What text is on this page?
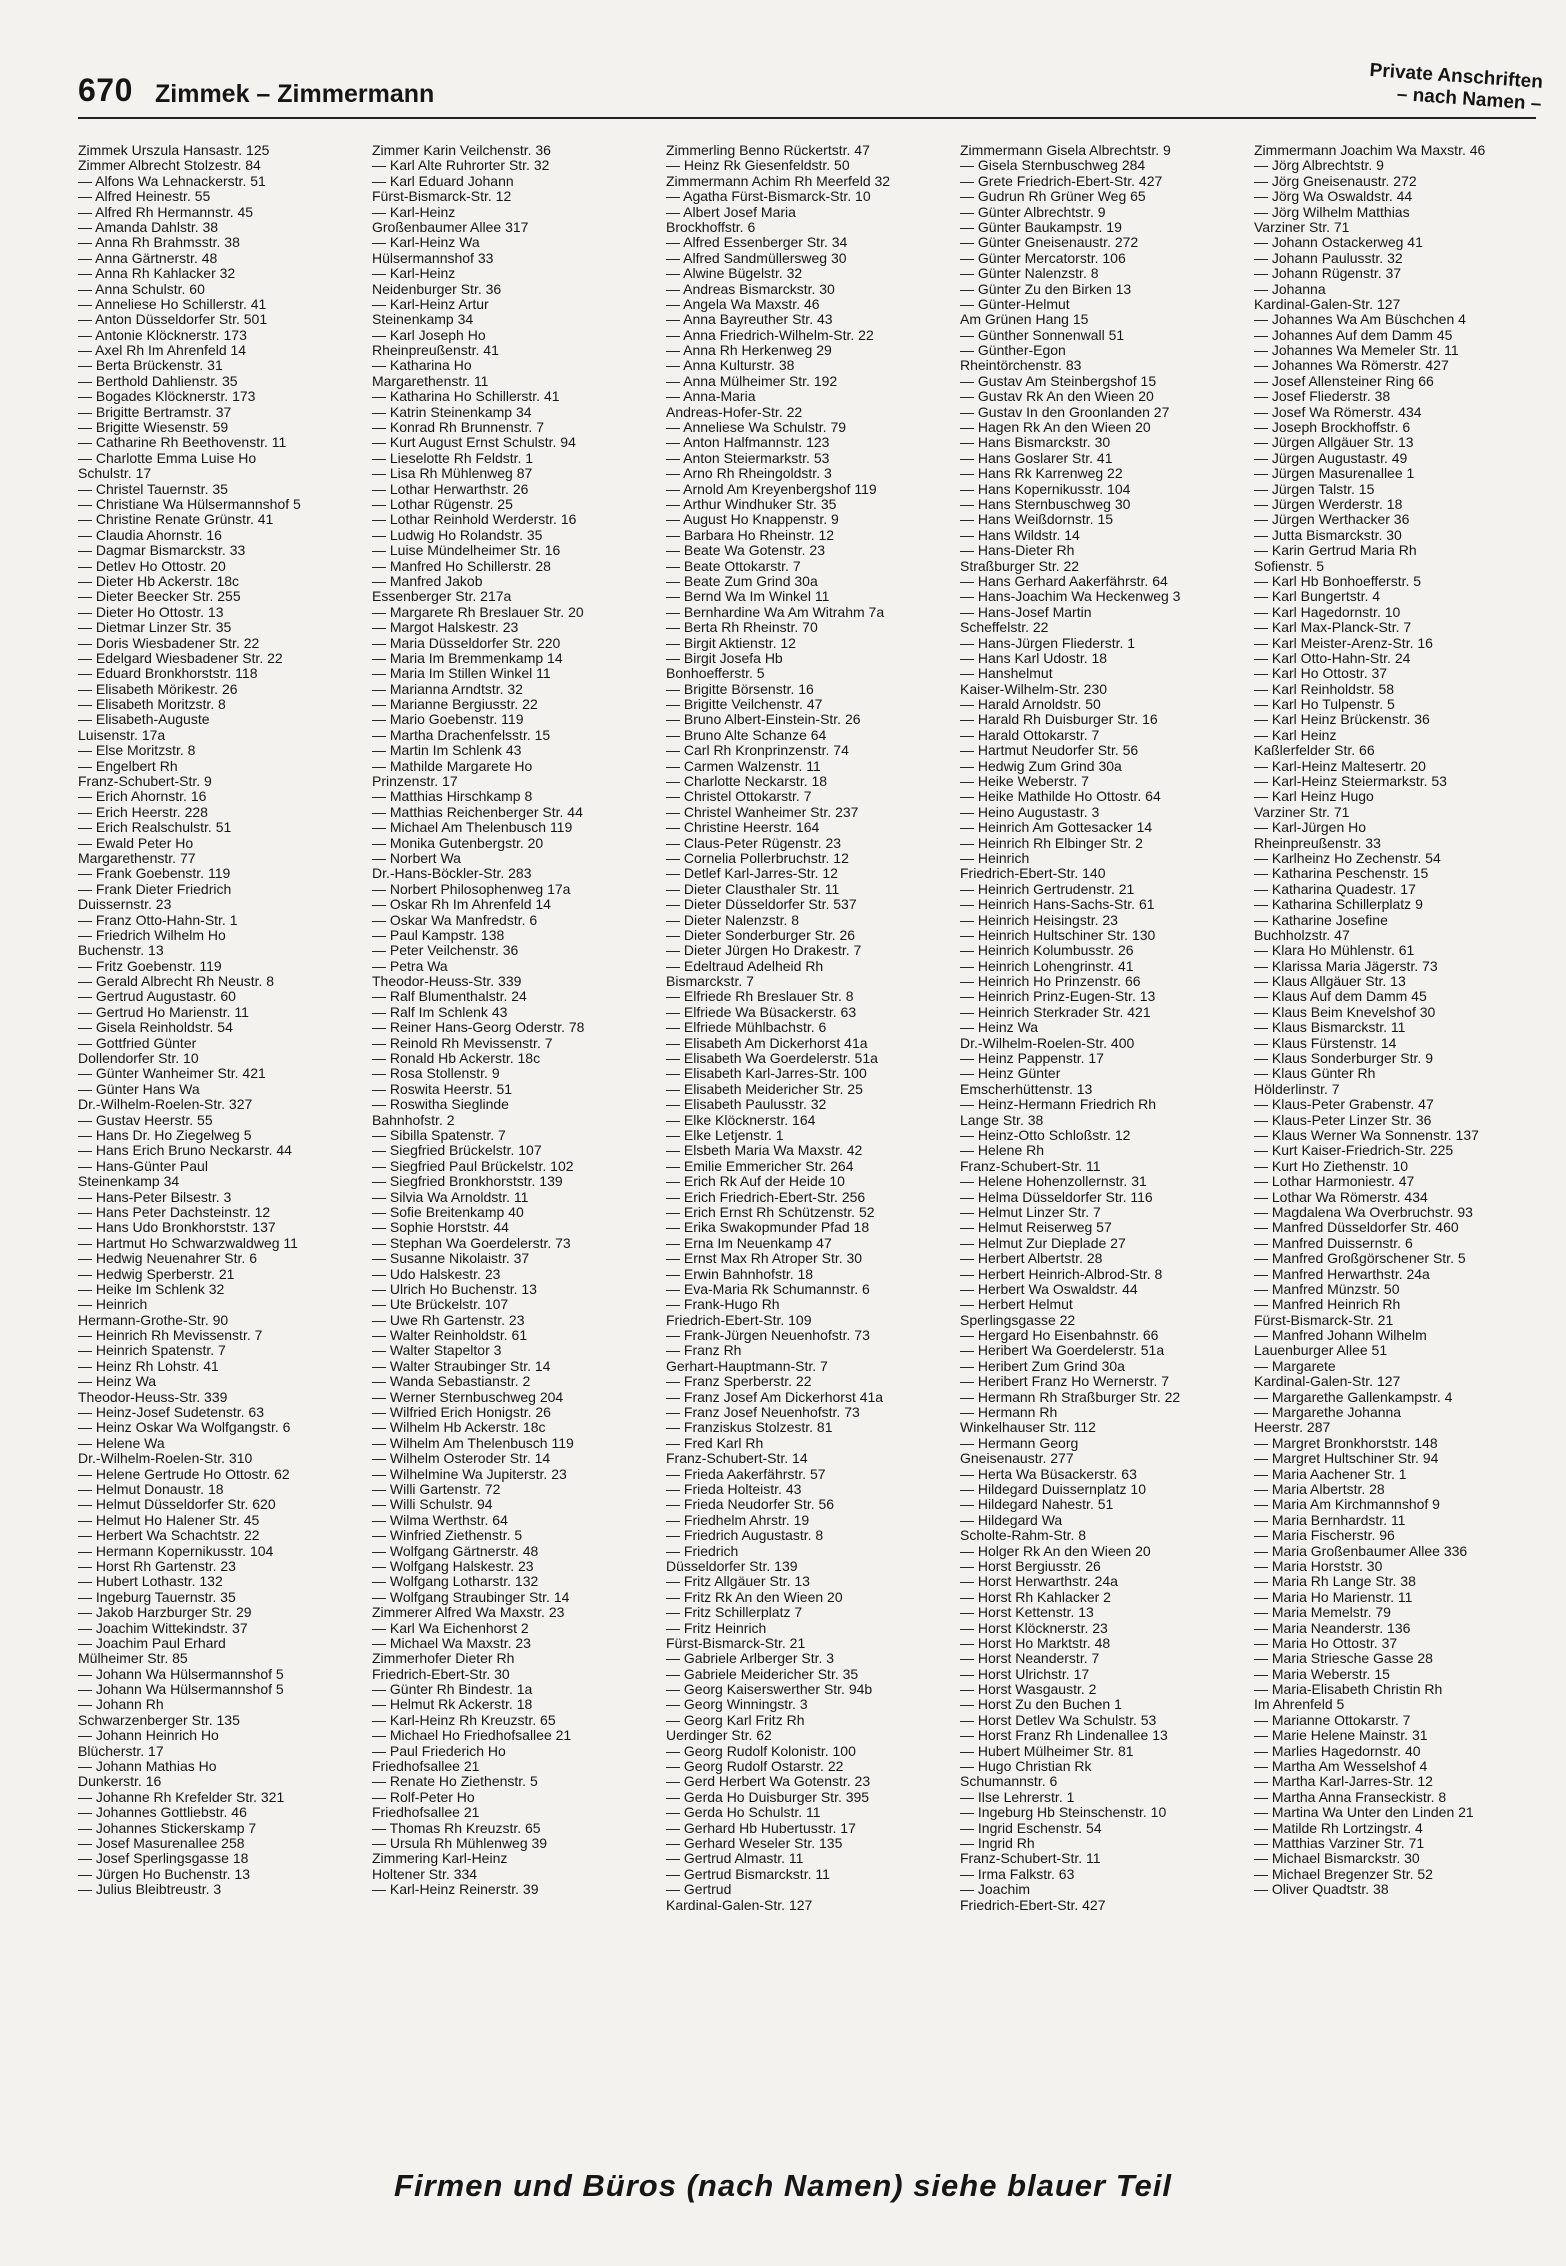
670 Zimmek – Zimmermann
Private Anschriften
– nach Namen –
Zimmek Urszula Hansastr. 125
Zimmer Albrecht Stolzestr. 84
— Alfons Wa Lehnackerstr. 51
— Alfred Heinestr. 55
— Alfred Rh Hermannstr. 45
— Amanda Dahlstr. 38
— Anna Rh Brahmsstr. 38
— Anna Gärtnerstr. 48
— Anna Rh Kahlacker 32
— Anna Schulstr. 60
— Anneliese Ho Schillerstr. 41
— Anton Düsseldorfer Str. 501
— Antonie Klöcknerstr. 173
— Axel Rh Im Ahrenfeld 14
— Berta Brückenstr. 31
— Berthold Dahlienstr. 35
— Bogades Klöcknerstr. 173
— Brigitte Bertramstr. 37
— Brigitte Wiesenstr. 59
— Catharine Rh Beethovenstr. 11
— Charlotte Emma Luise Ho
Schulstr. 17
— Christel Tauernstr. 35
— Christiane Wa Hülsermannshof 5
— Christine Renate Grünstr. 41
— Claudia Ahornstr. 16
— Dagmar Bismarckstr. 33
— Detlev Ho Ottostr. 20
— Dieter Hb Ackerstr. 18c
— Dieter Beecker Str. 255
— Dieter Ho Ottostr. 13
— Dietmar Linzer Str. 35
— Doris Wiesbadener Str. 22
— Edelgard Wiesbadener Str. 22
— Eduard Bronkhorststr. 118
— Elisabeth Mörikestr. 26
— Elisabeth Moritzstr. 8
— Elisabeth-Auguste
Luisenstr. 17a
— Else Moritzstr. 8
— Engelbert Rh
Franz-Schubert-Str. 9
— Erich Ahornstr. 16
— Erich Heerstr. 228
— Erich Realschulstr. 51
— Ewald Peter Ho
Margarethenstr. 77
— Frank Goebenstr. 119
— Frank Dieter Friedrich
Duissernstr. 23
— Franz Otto-Hahn-Str. 1
— Friedrich Wilhelm Ho
Buchenstr. 13
— Fritz Goebenstr. 119
— Gerald Albrecht Rh Neustr. 8
— Gertrud Augustastr. 60
— Gertrud Ho Marienstr. 11
— Gisela Reinholdstr. 54
— Gottfried Günter
Dollendorfer Str. 10
— Günter Wanheimer Str. 421
— Günter Hans Wa
Dr.-Wilhelm-Roelen-Str. 327
— Gustav Heerstr. 55
— Hans Dr. Ho Ziegelweg 5
— Hans Erich Bruno Neckarstr. 44
— Hans-Günter Paul
Steinenkamp 34
— Hans-Peter Bilsestr. 3
— Hans Peter Dachsteinstr. 12
— Hans Udo Bronkhorststr. 137
— Hartmut Ho Schwarzwaldweg 11
— Hedwig Neuenahrer Str. 6
— Hedwig Sperberstr. 21
— Heike Im Schlenk 32
— Heinrich
Hermann-Grothe-Str. 90
— Heinrich Rh Mevissenstr. 7
— Heinrich Spatenstr. 7
— Heinz Rh Lohstr. 41
— Heinz Wa
Theodor-Heuss-Str. 339
— Heinz-Josef Sudetenstr. 63
— Heinz Oskar Wa Wolfgangstr. 6
— Helene Wa
Dr.-Wilhelm-Roelen-Str. 310
— Helene Gertrude Ho Ottostr. 62
— Helmut Donaustr. 18
— Helmut Düsseldorfer Str. 620
— Helmut Ho Halener Str. 45
— Herbert Wa Schachtstr. 22
— Hermann Kopernikusstr. 104
— Horst Rh Gartenstr. 23
— Hubert Lothastr. 132
— Ingeburg Tauernstr. 35
— Jakob Harzburger Str. 29
— Joachim Wittekindstr. 37
— Joachim Paul Erhard
Mülheimer Str. 85
— Johann Wa Hülsermannshof 5
— Johann Wa Hülsermannshof 5
— Johann Rh
Schwarzenberger Str. 135
— Johann Heinrich Ho
Blücherstr. 17
— Johann Mathias Ho
Dunkerstr. 16
— Johanne Rh Krefelder Str. 321
— Johannes Gottliebstr. 46
— Johannes Stickerskamp 7
— Josef Masurenallee 258
— Josef Sperlingsgasse 18
— Jürgen Ho Buchenstr. 13
— Julius Bleibtreustr. 3
Zimmer Karin Veilchenstr. 36
— Karl Alte Ruhrorter Str. 32
— Karl Eduard Johann
Fürst-Bismarck-Str. 12
— Karl-Heinz
Großenbaumer Allee 317
— Karl-Heinz Wa
Hülsermannshof 33
— Karl-Heinz
Neidenburger Str. 36
— Karl-Heinz Artur
Steinenkamp 34
— Karl Joseph Ho
Rheinpreußenstr. 41
— Katharina Ho
Margarethenstr. 11
— Katharina Ho Schillerstr. 41
— Katrin Steinenkamp 34
— Konrad Rh Brunnenstr. 7
— Kurt August Ernst Schulstr. 94
— Lieselotte Rh Feldstr. 1
— Lisa Rh Mühlenweg 87
— Lothar Herwarthstr. 26
— Lothar Rügenstr. 25
— Lothar Reinhold Werderstr. 16
— Ludwig Ho Rolandstr. 35
— Luise Mündelheimer Str. 16
— Manfred Ho Schillerstr. 28
— Manfred Jakob
Essenberger Str. 217a
— Margarete Rh Breslauer Str. 20
— Margot Halskestr. 23
— Maria Düsseldorfer Str. 220
— Maria Im Bremmenkamp 14
— Maria Im Stillen Winkel 11
— Marianna Arndtstr. 32
— Marianne Bergiusstr. 22
— Mario Goebenstr. 119
— Martha Drachenfelsstr. 15
— Martin Im Schlenk 43
— Mathilde Margarete Ho
Prinzenstr. 17
— Matthias Hirschkamp 8
— Matthias Reichenberger Str. 44
— Michael Am Thelenbusch 119
— Monika Gutenbergstr. 20
— Norbert Wa
Dr.-Hans-Böckler-Str. 283
— Norbert Philosophenweg 17a
— Oskar Rh Im Ahrenfeld 14
— Oskar Wa Manfredstr. 6
— Paul Kampstr. 138
— Peter Veilchenstr. 36
— Petra Wa
Theodor-Heuss-Str. 339
— Ralf Blumenthalstr. 24
— Ralf Im Schlenk 43
— Reiner Hans-Georg Oderstr. 78
— Reinold Rh Mevissenstr. 7
— Ronald Hb Ackerstr. 18c
— Rosa Stollenstr. 9
— Roswita Heerstr. 51
— Roswitha Sieglinde
Bahnhofstr. 2
— Sibilla Spatenstr. 7
— Siegfried Brückelstr. 107
— Siegfried Paul Brückelstr. 102
— Siegfried Bronkhorststr. 139
— Silvia Wa Arnoldstr. 11
— Sofie Breitenkamp 40
— Sophie Horststr. 44
— Stephan Wa Goerdelerstr. 73
— Susanne Nikolaistr. 37
— Udo Halskestr. 23
— Ulrich Ho Buchenstr. 13
— Ute Brückelstr. 107
— Uwe Rh Gartenstr. 23
— Walter Reinholdstr. 61
— Walter Stapeltor 3
— Walter Straubinger Str. 14
— Wanda Sebastianstr. 2
— Werner Sternbuschweg 204
— Wilfried Erich Honigstr. 26
— Wilhelm Hb Ackerstr. 18c
— Wilhelm Am Thelenbusch 119
— Wilhelm Osteroder Str. 14
— Wilhelmine Wa Jupiterstr. 23
— Willi Gartenstr. 72
— Willi Schulstr. 94
— Wilma Werthstr. 64
— Winfried Ziethenstr. 5
— Wolfgang Gärtnerstr. 48
— Wolfgang Halskestr. 23
— Wolfgang Lotharstr. 132
— Wolfgang Straubinger Str. 14
Zimmerer Alfred Wa Maxstr. 23
— Karl Wa Eichenhorst 2
— Michael Wa Maxstr. 23
Zimmerhofer Dieter Rh
Friedrich-Ebert-Str. 30
— Günter Rh Bindestr. 1a
— Helmut Rk Ackerstr. 18
— Karl-Heinz Rh Kreuzstr. 65
— Michael Ho Friedhofsallee 21
— Paul Friederich Ho
Friedhofsallee 21
— Renate Ho Ziethenstr. 5
— Rolf-Peter Ho
Friedhofsallee 21
— Thomas Rh Kreuzstr. 65
— Ursula Rh Mühlenweg 39
Zimmering Karl-Heinz
Holtener Str. 334
— Karl-Heinz Reinerstr. 39
Zimmerling Benno Rückertstr. 47
— Heinz Rk Giesenfeldstr. 50
Zimmermann Achim Rh Meerfeld 32
— Agatha Fürst-Bismarck-Str. 10
— Albert Josef Maria
Brockhoffstr. 6
— Alfred Essenberger Str. 34
— Alfred Sandmüllersweg 30
— Alwine Bügelstr. 32
— Andreas Bismarckstr. 30
— Angela Wa Maxstr. 46
— Anna Bayreuther Str. 43
— Anna Friedrich-Wilhelm-Str. 22
— Anna Rh Herkenweg 29
— Anna Kulturstr. 38
— Anna Mülheimer Str. 192
— Anna-Maria
Andreas-Hofer-Str. 22
— Anneliese Wa Schulstr. 79
— Anton Halfmannstr. 123
— Anton Steiermarkstr. 53
— Arno Rh Rheingoldstr. 3
— Arnold Am Kreyenbergshof 119
— Arthur Windhuker Str. 35
— August Ho Knappenstr. 9
— Barbara Ho Rheinstr. 12
— Beate Wa Gotenstr. 23
— Beate Ottokarstr. 7
— Beate Zum Grind 30a
— Bernd Wa Im Winkel 11
— Bernhardine Wa Am Witrahm 7a
— Berta Rh Rheinstr. 70
— Birgit Aktienstr. 12
— Birgit Josefa Hb
Bonhoefferstr. 5
— Brigitte Börsenstr. 16
— Brigitte Veilchenstr. 47
— Bruno Albert-Einstein-Str. 26
— Bruno Alte Schanze 64
— Carl Rh Kronprinzenstr. 74
— Carmen Walzenstr. 11
— Charlotte Neckarstr. 18
— Christel Ottokarstr. 7
— Christel Wanheimer Str. 237
— Christine Heerstr. 164
— Claus-Peter Rügenstr. 23
— Cornelia Pollerbruchstr. 12
— Detlef Karl-Jarres-Str. 12
— Dieter Clausthaler Str. 11
— Dieter Düsseldorfer Str. 537
— Dieter Nalenzstr. 8
— Dieter Sonderburger Str. 26
— Dieter Jürgen Ho Drakestr. 7
— Edeltraud Adelheid Rh
Bismarckstr. 7
— Elfriede Rh Breslauer Str. 8
— Elfriede Wa Büsackerstr. 63
— Elfriede Mühlbachstr. 6
— Elisabeth Am Dickerhorst 41a
— Elisabeth Wa Goerdelerstr. 51a
— Elisabeth Karl-Jarres-Str. 100
— Elisabeth Meidericher Str. 25
— Elisabeth Paulusstr. 32
— Elke Klöcknerstr. 164
— Elke Letjenstr. 1
— Elsbeth Maria Wa Maxstr. 42
— Emilie Emmericher Str. 264
— Erich Rk Auf der Heide 10
— Erich Friedrich-Ebert-Str. 256
— Erich Ernst Rh Schützenstr. 52
— Erika Swakopmunder Pfad 18
— Erna Im Neuenkamp 47
— Ernst Max Rh Atroper Str. 30
— Erwin Bahnhofstr. 18
— Eva-Maria Rk Schumannstr. 6
— Frank-Hugo Rh
Friedrich-Ebert-Str. 109
— Frank-Jürgen Neuenhofstr. 73
— Franz Rh
Gerhart-Hauptmann-Str. 7
— Franz Sperberstr. 22
— Franz Josef Am Dickerhorst 41a
— Franz Josef Neuenhofstr. 73
— Franziskus Stolzestr. 81
— Fred Karl Rh
Franz-Schubert-Str. 14
— Frieda Aakerfährstr. 57
— Frieda Holteistr. 43
— Frieda Neudorfer Str. 56
— Friedhelm Ahrstr. 19
— Friedrich Augustastr. 8
— Friedrich
Düsseldorfer Str. 139
— Fritz Allgäuer Str. 13
— Fritz Rk An den Wieen 20
— Fritz Schillerplatz 7
— Fritz Heinrich
Fürst-Bismarck-Str. 21
— Gabriele Arlberger Str. 3
— Gabriele Meidericher Str. 35
— Georg Kaiserswerther Str. 94b
— Georg Winningstr. 3
— Georg Karl Fritz Rh
Uerdinger Str. 62
— Georg Rudolf Kolonistr. 100
— Georg Rudolf Ostarstr. 22
— Gerd Herbert Wa Gotenstr. 23
— Gerda Ho Duisburger Str. 395
— Gerda Ho Schulstr. 11
— Gerhard Hb Hubertusstr. 17
— Gerhard Weseler Str. 135
— Gertrud Almastr. 11
— Gertrud Bismarckstr. 11
— Gertrud
Kardinal-Galen-Str. 127
Zimmermann Gisela Albrechtstr. 9
— Gisela Sternbuschweg 284
— Grete Friedrich-Ebert-Str. 427
— Gudrun Rh Grüner Weg 65
— Günter Albrechtstr. 9
— Günter Baukampstr. 19
— Günter Gneisenaustr. 272
— Günter Mercatorstr. 106
— Günter Nalenzstr. 8
— Günter Zu den Birken 13
— Günter-Helmut
Am Grünen Hang 15
— Günther Sonnenwall 51
— Günther-Egon
Rheintörchenstr. 83
— Gustav Am Steinbergshof 15
— Gustav Rk An den Wieen 20
— Gustav In den Groonlanden 27
— Hagen Rk An den Wieen 20
— Hans Bismarckstr. 30
— Hans Goslarer Str. 41
— Hans Rk Karrenweg 22
— Hans Kopernikusstr. 104
— Hans Sternbuschweg 30
— Hans Weißdornstr. 15
— Hans Wildstr. 14
— Hans-Dieter Rh
Straßburger Str. 22
— Hans Gerhard Aakerfährstr. 64
— Hans-Joachim Wa Heckenweg 3
— Hans-Josef Martin
Scheffelstr. 22
— Hans-Jürgen Fliederstr. 1
— Hans Karl Udostr. 18
— Hanshelmut
Kaiser-Wilhelm-Str. 230
— Harald Arnoldstr. 50
— Harald Rh Duisburger Str. 16
— Harald Ottokarstr. 7
— Hartmut Neudorfer Str. 56
— Hedwig Zum Grind 30a
— Heike Weberstr. 7
— Heike Mathilde Ho Ottostr. 64
— Heino Augustastr. 3
— Heinrich Am Gottesacker 14
— Heinrich Rh Elbinger Str. 2
— Heinrich
Friedrich-Ebert-Str. 140
— Heinrich Gertrudenstr. 21
— Heinrich Hans-Sachs-Str. 61
— Heinrich Heisingstr. 23
— Heinrich Hultschiner Str. 130
— Heinrich Kolumbusstr. 26
— Heinrich Lohengrinstr. 41
— Heinrich Ho Prinzenstr. 66
— Heinrich Prinz-Eugen-Str. 13
— Heinrich Sterkrader Str. 421
— Heinz Wa
Dr.-Wilhelm-Roelen-Str. 400
— Heinz Pappenstr. 17
— Heinz Günter
Emscherhüttenstr. 13
— Heinz-Hermann Friedrich Rh
Lange Str. 38
— Heinz-Otto Schloßstr. 12
— Helene Rh
Franz-Schubert-Str. 11
— Helene Hohenzollernstr. 31
— Helma Düsseldorfer Str. 116
— Helmut Linzer Str. 7
— Helmut Reiserweg 57
— Helmut Zur Dieplade 27
— Herbert Albertstr. 28
— Herbert Heinrich-Albrod-Str. 8
— Herbert Wa Oswaldstr. 44
— Herbert Helmut
Sperlingsgasse 22
— Hergard Ho Eisenbahnstr. 66
— Heribert Wa Goerdelerstr. 51a
— Heribert Zum Grind 30a
— Heribert Franz Ho Wernerstr. 7
— Hermann Rh Straßburger Str. 22
— Hermann Rh
Winkelhauser Str. 112
— Hermann Georg
Gneisenaustr. 277
— Herta Wa Büsackerstr. 63
— Hildegard Duissernplatz 10
— Hildegard Nahestr. 51
— Hildegard Wa
Scholte-Rahm-Str. 8
— Holger Rk An den Wieen 20
— Horst Bergiusstr. 26
— Horst Herwarthstr. 24a
— Horst Rh Kahlacker 2
— Horst Kettenstr. 13
— Horst Klöcknerstr. 23
— Horst Ho Marktstr. 48
— Horst Neanderstr. 7
— Horst Ulrichstr. 17
— Horst Wasgaustr. 2
— Horst Zu den Buchen 1
— Horst Detlev Wa Schulstr. 53
— Horst Franz Rh Lindenallee 13
— Hubert Mülheimer Str. 81
— Hugo Christian Rk
Schumannstr. 6
— Ilse Lehrerstr. 1
— Ingeburg Hb Steinschenstr. 10
— Ingrid Eschenstr. 54
— Ingrid Rh
Franz-Schubert-Str. 11
— Irma Falkstr. 63
— Joachim
Friedrich-Ebert-Str. 427
Zimmermann Joachim Wa Maxstr. 46
— Jörg Albrechtstr. 9
— Jörg Gneisenaustr. 272
— Jörg Wa Oswaldstr. 44
— Jörg Wilhelm Matthias
Varziner Str. 71
— Johann Ostackerweg 41
— Johann Paulusstr. 32
— Johann Rügenstr. 37
— Johanna
Kardinal-Galen-Str. 127
— Johannes Wa Am Büschchen 4
— Johannes Auf dem Damm 45
— Johannes Wa Memeler Str. 11
— Johannes Wa Römerstr. 427
— Josef Allensteiner Ring 66
— Josef Fliederstr. 38
— Josef Wa Römerstr. 434
— Joseph Brockhoffstr. 6
— Jürgen Allgäuer Str. 13
— Jürgen Augustastr. 49
— Jürgen Masurenallee 1
— Jürgen Talstr. 15
— Jürgen Werderstr. 18
— Jürgen Werthacker 36
— Jutta Bismarckstr. 30
— Karin Gertrud Maria Rh
Sofienstr. 5
— Karl Hb Bonhoefferstr. 5
— Karl Bungertstr. 4
— Karl Hagedornstr. 10
— Karl Max-Planck-Str. 7
— Karl Meister-Arenz-Str. 16
— Karl Otto-Hahn-Str. 24
— Karl Ho Ottostr. 37
— Karl Reinholdstr. 58
— Karl Ho Tulpenstr. 5
— Karl Heinz Brückenstr. 36
— Karl Heinz
Kaßlerfelder Str. 66
— Karl-Heinz Maltesertr. 20
— Karl-Heinz Steiermarkstr. 53
— Karl Heinz Hugo
Varziner Str. 71
— Karl-Jürgen Ho
Rheinpreußenstr. 33
— Karlheinz Ho Zechenstr. 54
— Katharina Peschenstr. 15
— Katharina Quadestr. 17
— Katharina Schillerplatz 9
— Katharine Josefine
Buchholzstr. 47
— Klara Ho Mühlenstr. 61
— Klarissa Maria Jägerstr. 73
— Klaus Allgäuer Str. 13
— Klaus Auf dem Damm 45
— Klaus Beim Knevelshof 30
— Klaus Bismarckstr. 11
— Klaus Fürstenstr. 14
— Klaus Sonderburger Str. 9
— Klaus Günter Rh
Hölderlinstr. 7
— Klaus-Peter Grabenstr. 47
— Klaus-Peter Linzer Str. 36
— Klaus Werner Wa Sonnenstr. 137
— Kurt Kaiser-Friedrich-Str. 225
— Kurt Ho Ziethenstr. 10
— Lothar Harmoniestr. 47
— Lothar Wa Römerstr. 434
— Magdalena Wa Overbruchstr. 93
— Manfred Düsseldorfer Str. 460
— Manfred Duissernstr. 6
— Manfred Großgörschener Str. 5
— Manfred Herwarthstr. 24a
— Manfred Münzstr. 50
— Manfred Heinrich Rh
Fürst-Bismarck-Str. 21
— Manfred Johann Wilhelm
Lauenburger Allee 51
— Margarete
Kardinal-Galen-Str. 127
— Margarethe Gallenkampstr. 4
— Margarethe Johanna
Heerstr. 287
— Margret Bronkhorststr. 148
— Margret Hultschiner Str. 94
— Maria Aachener Str. 1
— Maria Albertstr. 28
— Maria Am Kirchmannshof 9
— Maria Bernhardstr. 11
— Maria Fischerstr. 96
— Maria Großenbaumer Allee 336
— Maria Horststr. 30
— Maria Rh Lange Str. 38
— Maria Ho Marienstr. 11
— Maria Memelstr. 79
— Maria Neanderstr. 136
— Maria Ho Ottostr. 37
— Maria Striesche Gasse 28
— Maria Weberstr. 15
— Maria-Elisabeth Christin Rh
Im Ahrenfeld 5
— Marianne Ottokarstr. 7
— Marie Helene Mainstr. 31
— Marlies Hagedornstr. 40
— Martha Am Wesselshof 4
— Martha Karl-Jarres-Str. 12
— Martha Anna Franseckistr. 8
— Martina Wa Unter den Linden 21
— Matilde Rh Lortzingstr. 4
— Matthias Varziner Str. 71
— Michael Bismarckstr. 30
— Michael Bregenzer Str. 52
— Oliver Quadtstr. 38
Firmen und Büros (nach Namen) siehe blauer Teil
